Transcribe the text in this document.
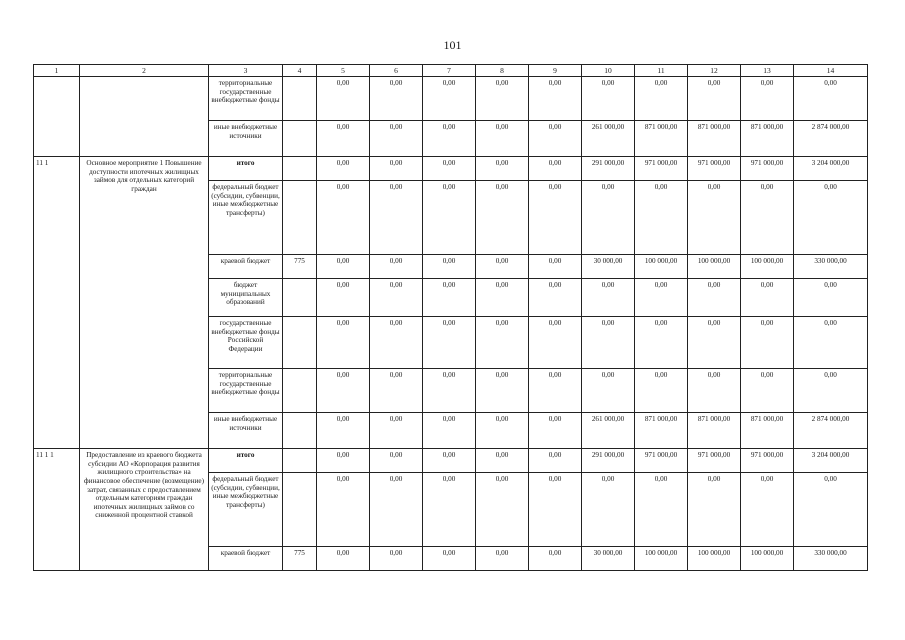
101
1	2	3	4	5	6	7	8	9	10	11	12	13	14
		территориальные государственные внебюджетные фонды		0,00	0,00	0,00	0,00	0,00	0,00	0,00	0,00	0,00	0,00
		иные внебюджетные источники		0,00	0,00	0,00	0,00	0,00	261 000,00	871 000,00	871 000,00	871 000,00	2 874 000,00
11 1	Основное мероприятие 1 Повышение доступности ипотечных жилищных займов для отдельных категорий граждан	итого		0,00	0,00	0,00	0,00	0,00	291 000,00	971 000,00	971 000,00	971 000,00	3 204 000,00
		федеральный бюджет (субсидии, субвенции, иные межбюджетные трансферты)		0,00	0,00	0,00	0,00	0,00	0,00	0,00	0,00	0,00	0,00
		краевой бюджет	775	0,00	0,00	0,00	0,00	0,00	30 000,00	100 000,00	100 000,00	100 000,00	330 000,00
		бюджет муниципальных образований		0,00	0,00	0,00	0,00	0,00	0,00	0,00	0,00	0,00	0,00
		государственные внебюджетные фонды Российской Федерации		0,00	0,00	0,00	0,00	0,00	0,00	0,00	0,00	0,00	0,00
		территориальные государственные внебюджетные фонды		0,00	0,00	0,00	0,00	0,00	0,00	0,00	0,00	0,00	0,00
		иные внебюджетные источники		0,00	0,00	0,00	0,00	0,00	261 000,00	871 000,00	871 000,00	871 000,00	2 874 000,00
11 1 1	Предоставление из краевого бюджета субсидии АО «Корпорация развития жилищного строительства» на финансовое обеспечение (возмещение) затрат, связанных с предоставлением отдельным категориям граждан ипотечных жилищных займов со сниженной процентной ставкой	итого		0,00	0,00	0,00	0,00	0,00	291 000,00	971 000,00	971 000,00	971 000,00	3 204 000,00
		федеральный бюджет (субсидии, субвенции, иные межбюджетные трансферты)		0,00	0,00	0,00	0,00	0,00	0,00	0,00	0,00	0,00	0,00
		краевой бюджет	775	0,00	0,00	0,00	0,00	0,00	30 000,00	100 000,00	100 000,00	100 000,00	330 000,00
